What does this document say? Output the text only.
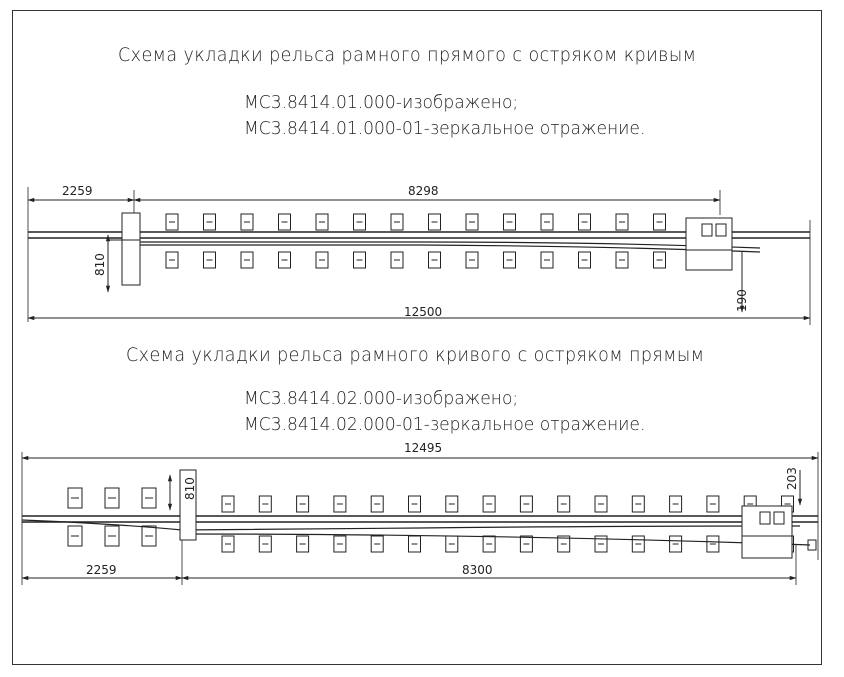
Схема укладки рельса рамного прямого с остряком кривым
МС3.8414.01.000-изображено;
МС3.8414.01.000-01-зеркальное отражение.
Схема укладки рельса рамного кривого с остряком прямым
МС3.8414.02.000-изображено;
МС3.8414.02.000-01-зеркальное отражение.
2259	8298
12500
810
190
12495
2259	8300
810	203
